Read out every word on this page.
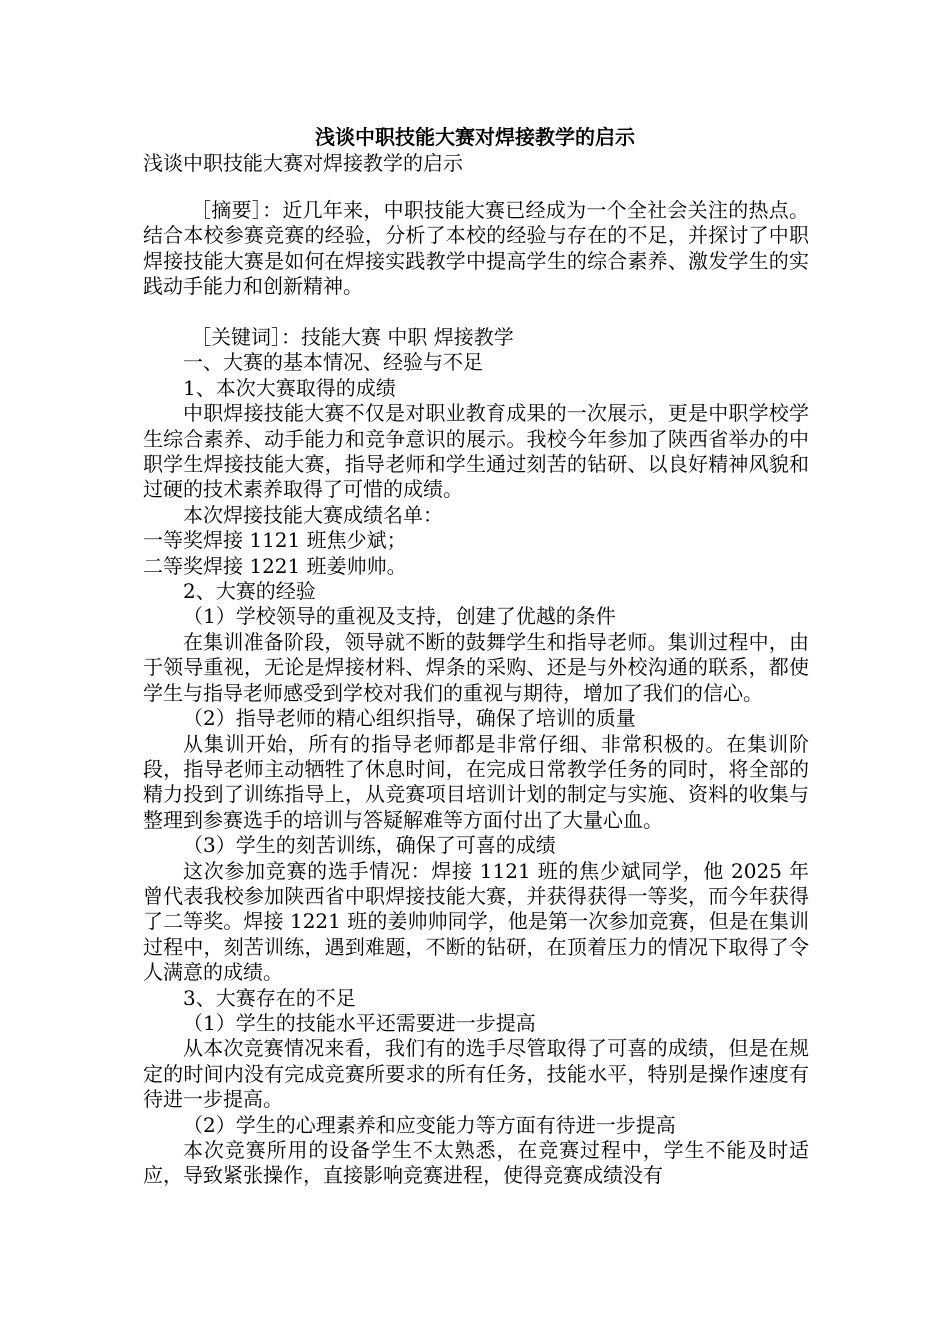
浅谈中职技能大赛对焊接教学的启示
浅谈中职技能大赛对焊接教学的启示

［摘要］：近几年来，中职技能大赛已经成为一个全社会关注的热点。结合本校参赛竞赛的经验，分析了本校的经验与存在的不足，并探讨了中职焊接技能大赛是如何在焊接实践教学中提高学生的综合素养、激发学生的实践动手能力和创新精神。

［关键词］：技能大赛 中职 焊接教学

一、大赛的基本情况、经验与不足

1、本次大赛取得的成绩

中职焊接技能大赛不仅是对职业教育成果的一次展示，更是中职学校学生综合素养、动手能力和竞争意识的展示。我校今年参加了陕西省举办的中职学生焊接技能大赛，指导老师和学生通过刻苦的钻研、以良好精神风貌和过硬的技术素养取得了可惜的成绩。

本次焊接技能大赛成绩名单：

一等奖焊接 1121 班焦少斌；

二等奖焊接 1221 班姜帅帅。

2、大赛的经验

（1）学校领导的重视及支持，创建了优越的条件

在集训准备阶段，领导就不断的鼓舞学生和指导老师。集训过程中，由于领导重视，无论是焊接材料、焊条的采购、还是与外校沟通的联系，都使学生与指导老师感受到学校对我们的重视与期待，增加了我们的信心。

（2）指导老师的精心组织指导，确保了培训的质量

从集训开始，所有的指导老师都是非常仔细、非常积极的。在集训阶段，指导老师主动牺牲了休息时间，在完成日常教学任务的同时，将全部的精力投到了训练指导上，从竞赛项目培训计划的制定与实施、资料的收集与整理到参赛选手的培训与答疑解难等方面付出了大量心血。

（3）学生的刻苦训练，确保了可喜的成绩

这次参加竞赛的选手情况：焊接 1121 班的焦少斌同学，他 2025 年曾代表我校参加陕西省中职焊接技能大赛，并获得获得一等奖，而今年获得了二等奖。焊接 1221 班的姜帅帅同学，他是第一次参加竞赛，但是在集训过程中，刻苦训练，遇到难题，不断的钻研，在顶着压力的情况下取得了令人满意的成绩。

3、大赛存在的不足

（1）学生的技能水平还需要进一步提高

从本次竞赛情况来看，我们有的选手尽管取得了可喜的成绩，但是在规定的时间内没有完成竞赛所要求的所有任务，技能水平，特别是操作速度有待进一步提高。

（2）学生的心理素养和应变能力等方面有待进一步提高

本次竞赛所用的设备学生不太熟悉，在竞赛过程中，学生不能及时适应，导致紧张操作，直接影响竞赛进程，使得竞赛成绩没有
